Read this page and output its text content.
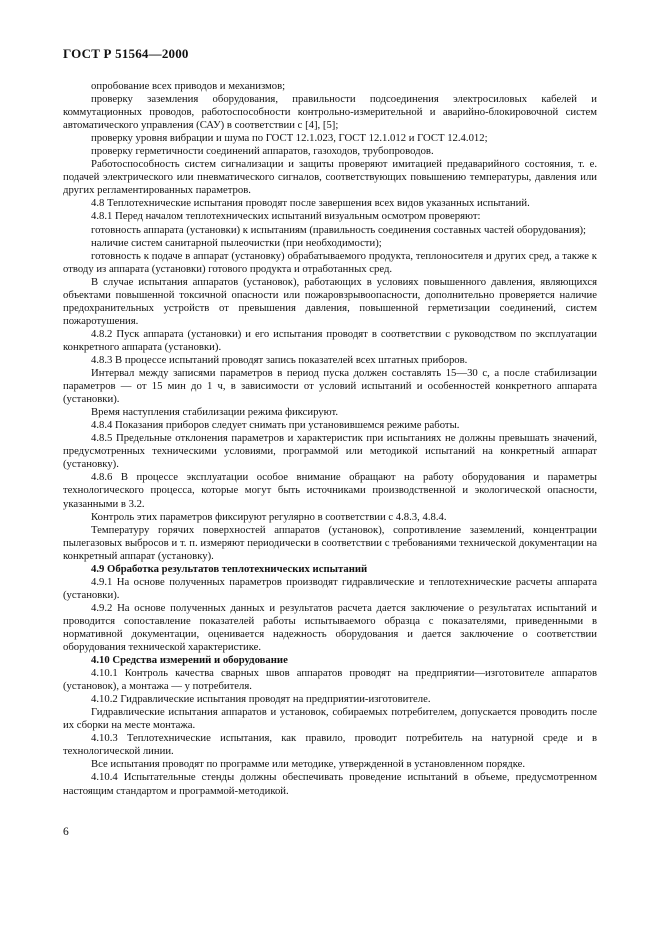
ГОСТ Р 51564—2000

опробование всех приводов и механизмов;

проверку заземления оборудования, правильности подсоединения электросиловых кабелей и коммутационных проводов, работоспособности контрольно-измерительной и аварийно-блокировочной систем автоматического управления (САУ) в соответствии с [4], [5];

проверку уровня вибрации и шума по ГОСТ 12.1.023, ГОСТ 12.1.012 и ГОСТ 12.4.012;

проверку герметичности соединений аппаратов, газоходов, трубопроводов.

Работоспособность систем сигнализации и защиты проверяют имитацией предаварийного состояния, т. е. подачей электрического или пневматического сигналов, соответствующих повышению температуры, давления или других регламентированных параметров.

4.8 Теплотехнические испытания проводят после завершения всех видов указанных испытаний.

4.8.1 Перед началом теплотехнических испытаний визуальным осмотром проверяют:

готовность аппарата (установки) к испытаниям (правильность соединения составных частей оборудования);

наличие систем санитарной пылеочистки (при необходимости);

готовность к подаче в аппарат (установку) обрабатываемого продукта, теплоносителя и других сред, а также к отводу из аппарата (установки) готового продукта и отработанных сред.

В случае испытания аппаратов (установок), работающих в условиях повышенного давления, являющихся объектами повышенной токсичной опасности или пожаровзрывоопасности, дополнительно проверяется наличие предохранительных устройств от превышения давления, повышенной герметизации соединений, систем пожаротушения.

4.8.2 Пуск аппарата (установки) и его испытания проводят в соответствии с руководством по эксплуатации конкретного аппарата (установки).

4.8.3 В процессе испытаний проводят запись показателей всех штатных приборов.

Интервал между записями параметров в период пуска должен составлять 15—30 с, а после стабилизации параметров — от 15 мин до 1 ч, в зависимости от условий испытаний и особенностей конкретного аппарата (установки).

Время наступления стабилизации режима фиксируют.

4.8.4 Показания приборов следует снимать при установившемся режиме работы.

4.8.5 Предельные отклонения параметров и характеристик при испытаниях не должны превышать значений, предусмотренных техническими условиями, программой или методикой испытаний на конкретный аппарат (установку).

4.8.6 В процессе эксплуатации особое внимание обращают на работу оборудования и параметры технологического процесса, которые могут быть источниками производственной и экологической опасности, указанными в 3.2.

Контроль этих параметров фиксируют регулярно в соответствии с 4.8.3, 4.8.4.

Температуру горячих поверхностей аппаратов (установок), сопротивление заземлений, концентрации пылегазовых выбросов и т. п. измеряют периодически в соответствии с требованиями технической документации на конкретный аппарат (установку).

4.9 Обработка результатов теплотехнических испытаний

4.9.1 На основе полученных параметров производят гидравлические и теплотехнические расчеты аппарата (установки).

4.9.2 На основе полученных данных и результатов расчета дается заключение о результатах испытаний и проводится сопоставление показателей работы испытываемого образца с показателями, приведенными в нормативной документации, оценивается надежность оборудования и дается заключение о соответствии оборудования технической характеристике.

4.10 Средства измерений и оборудование

4.10.1 Контроль качества сварных швов аппаратов проводят на предприятии—изготовителе аппаратов (установок), а монтажа — у потребителя.

4.10.2 Гидравлические испытания проводят на предприятии-изготовителе.

Гидравлические испытания аппаратов и установок, собираемых потребителем, допускается проводить после их сборки на месте монтажа.

4.10.3 Теплотехнические испытания, как правило, проводит потребитель на натурной среде и в технологической линии.

Все испытания проводят по программе или методике, утвержденной в установленном порядке.

4.10.4 Испытательные стенды должны обеспечивать проведение испытаний в объеме, предусмотренном настоящим стандартом и программой-методикой.

6
